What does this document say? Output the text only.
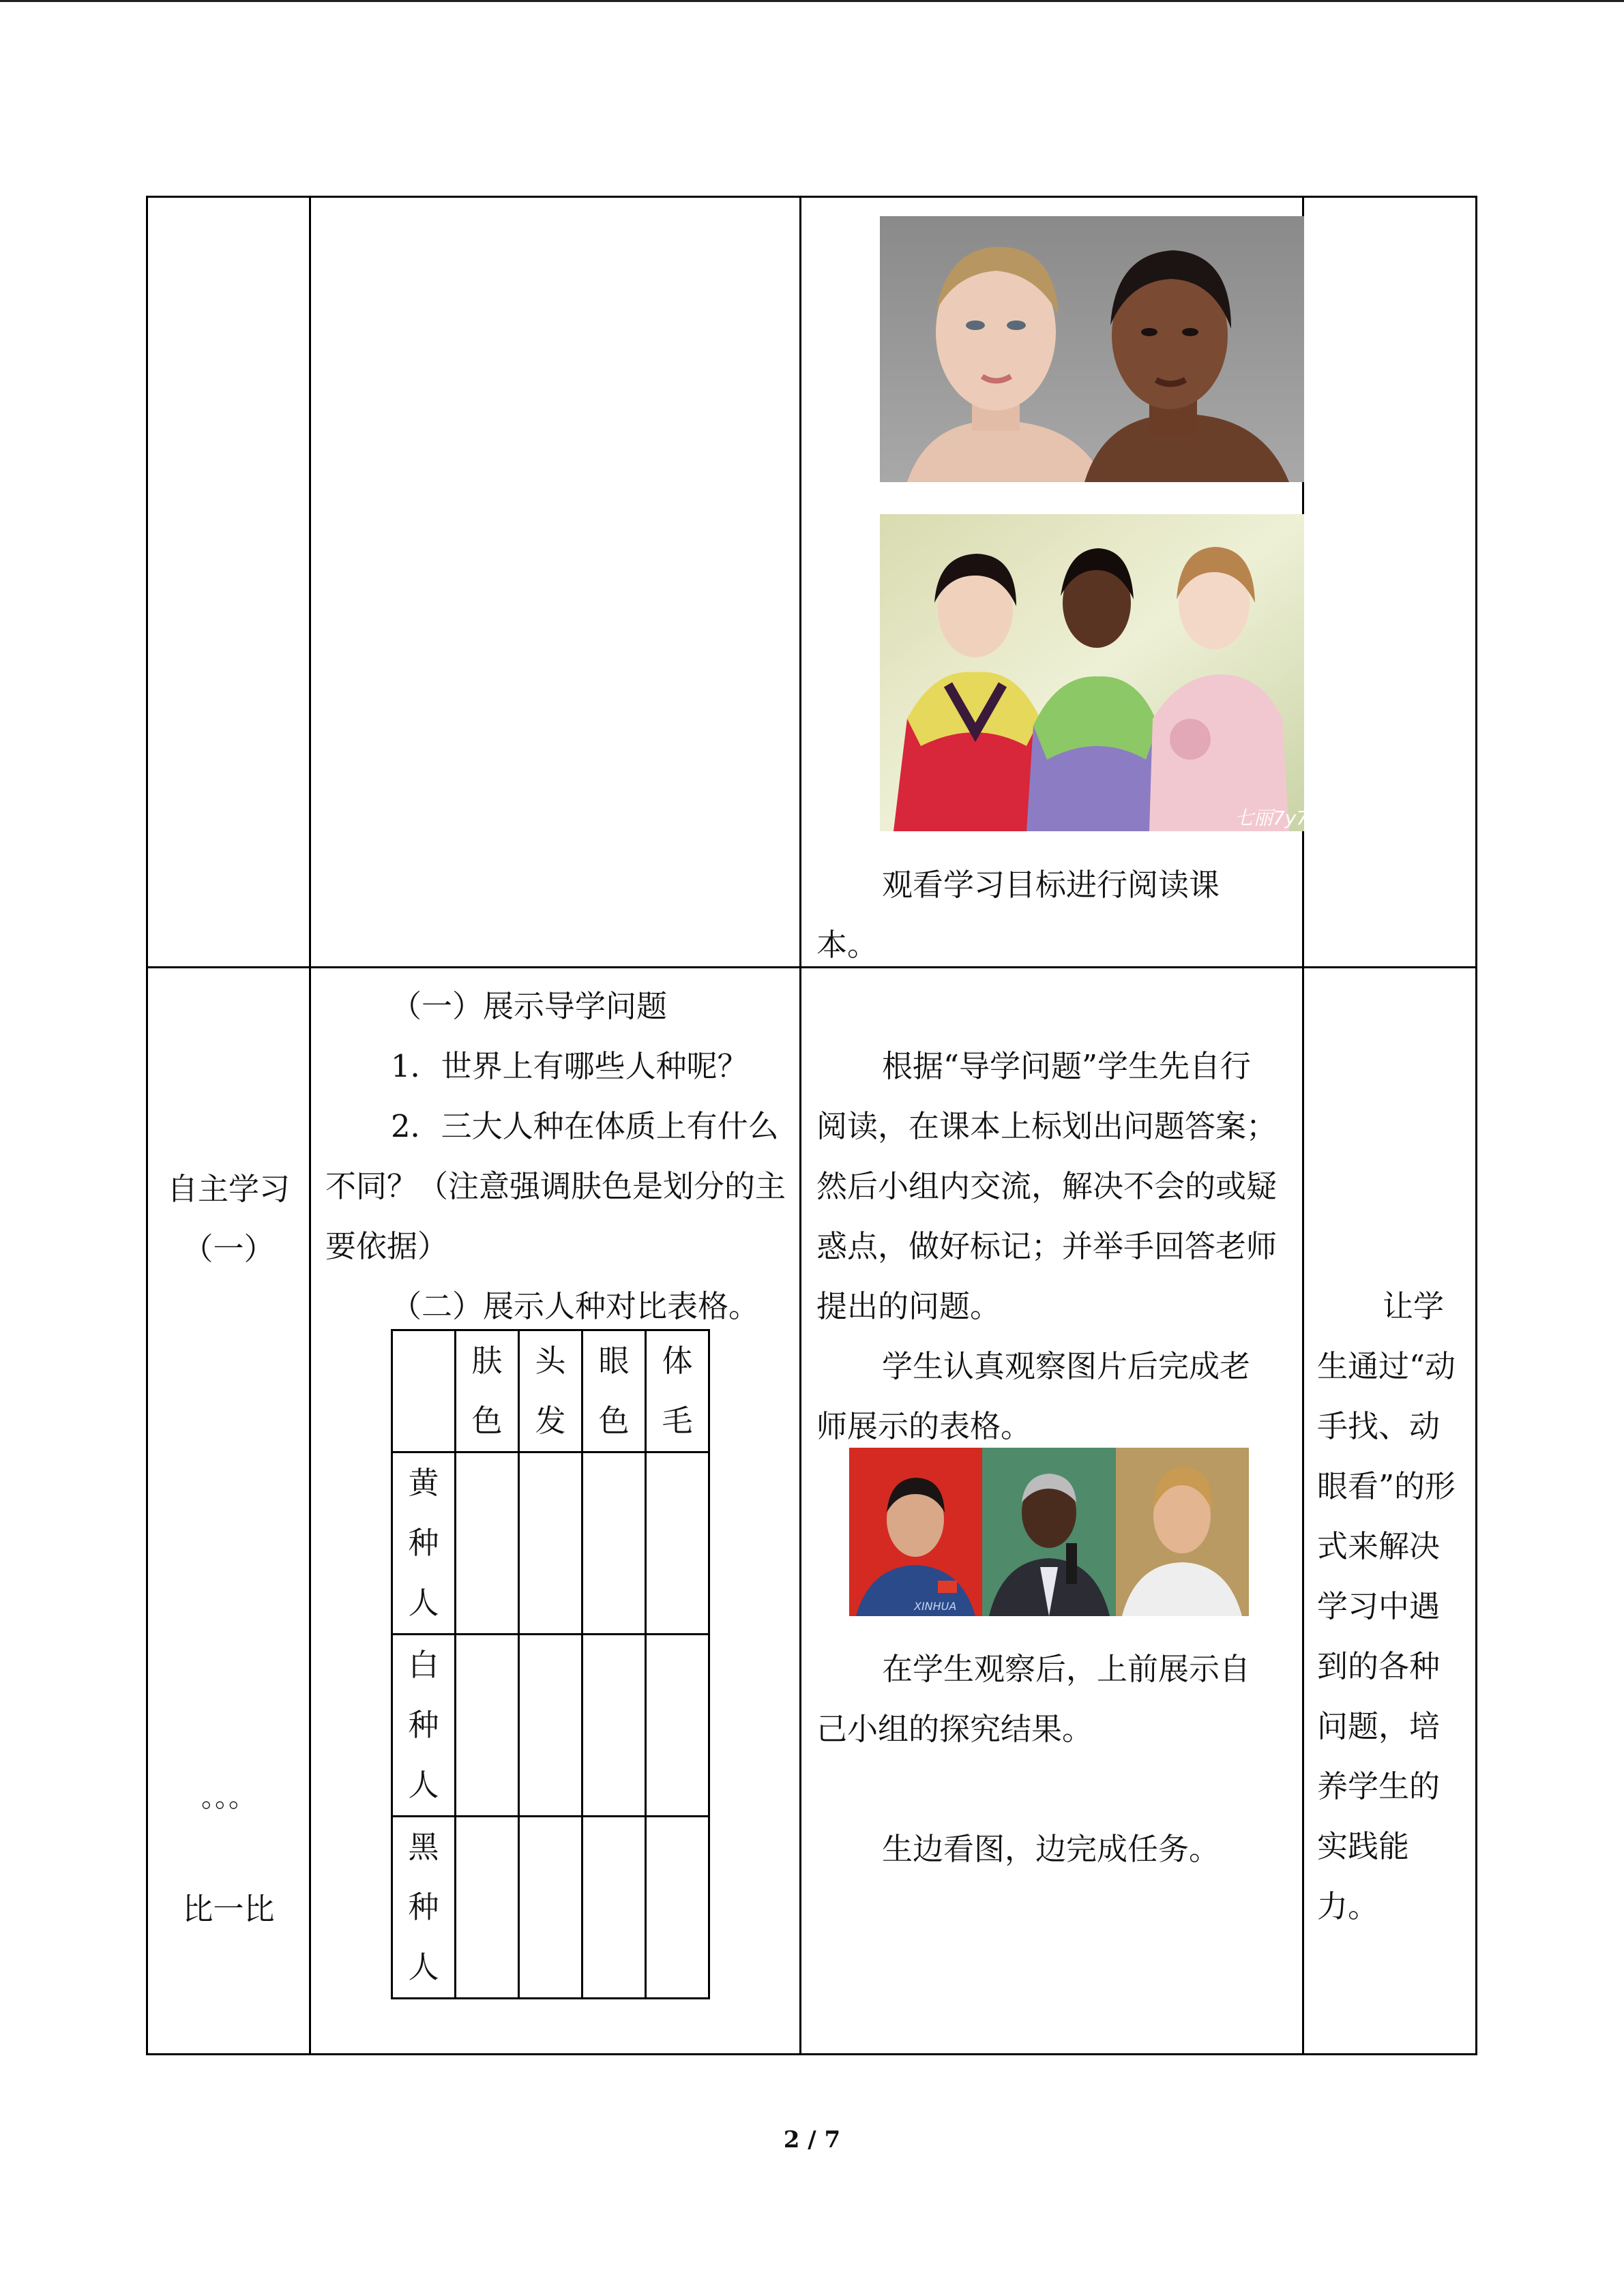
七丽7y7.com

观看学习目标进行阅读课本。

自主学习

（一）

。。。

比一比

（一）展示导学问题

1．世界上有哪些人种呢？

2．三大人种在体质上有什么不同？（注意强调肤色是划分的主要依据）

（二）展示人种对比表格。

	肤色	头发	眼色	体毛
黄种人				
白种人				
黑种人				

根据“导学问题”学生先自行阅读，在课本上标划出问题答案；然后小组内交流，解决不会的或疑惑点，做好标记；并举手回答老师提出的问题。

学生认真观察图片后完成老师展示的表格。

XINHUA

在学生观察后，上前展示自己小组的探究结果。

生边看图，边完成任务。

让学生通过“动手找、动眼看”的形式来解决学习中遇到的各种问题，培养学生的实践能力。

2 / 7
